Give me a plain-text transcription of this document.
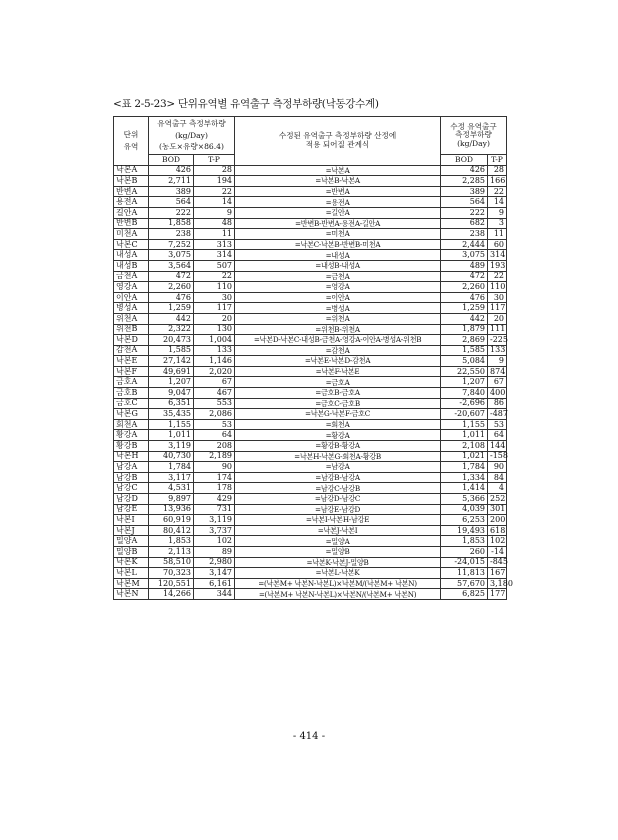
<표 2-5-23> 단위유역별 유역출구 측정부하량(낙동강수계)
단위
유역	유역출구 측정부하량(kg/Day)
(농도×유량×86.4)		수정된 유역출구 측정부하량 산정에
적용 되어질 관계식	수정 유역출구
측정부하량
(kg/Day)	
	BOD	T-P		BOD	T-P
낙본A	426	28	=낙본A	426	28
낙본B	2,711	194	=낙본B-낙본A	2,285	166
반변A	389	22	=반변A	389	22
용전A	564	14	=용전A	564	14
길안A	222	9	=길안A	222	9
반변B	1,858	48	=반변B-반변A-용전A-길안A	682	3
미천A	238	11	=미천A	238	11
낙본C	7,252	313	=낙본C-낙본B-반변B-미천A	2,444	60
내성A	3,075	314	=내성A	3,075	314
내성B	3,564	507	=내성B-내성A	489	193
금천A	472	22	=금천A	472	22
영강A	2,260	110	=영강A	2,260	110
이안A	476	30	=이안A	476	30
병성A	1,259	117	=병성A	1,259	117
위천A	442	20	=위천A	442	20
위천B	2,322	130	=위천B-위천A	1,879	111
낙본D	20,473	1,004	=낙본D-낙본C-내성B-금천A-영강A-이안A-병성A-위천B	2,869	-225
감천A	1,585	133	=감천A	1,585	133
낙본E	27,142	1,146	=낙본E-낙본D-감천A	5,084	9
낙본F	49,691	2,020	=낙본F-낙본E	22,550	874
금호A	1,207	67	=금호A	1,207	67
금호B	9,047	467	=금호B-금호A	7,840	400
금호C	6,351	553	=금호C-금호B	-2,696	86
낙본G	35,435	2,086	=낙본G-낙본F-금호C	-20,607	-487
회천A	1,155	53	=회천A	1,155	53
황강A	1,011	64	=황강A	1,011	64
황강B	3,119	208	=황강B-황강A	2,108	144
낙본H	40,730	2,189	=낙본H-낙본G-회천A-황강B	1,021	-158
남강A	1,784	90	=남강A	1,784	90
남강B	3,117	174	=남강B-남강A	1,334	84
남강C	4,531	178	=남강C-남강B	1,414	4
남강D	9,897	429	=남강D-남강C	5,366	252
남강E	13,936	731	=남강E-남강D	4,039	301
낙본I	60,919	3,119	=낙본I-낙본H-남강E	6,253	200
낙본J	80,412	3,737	=낙본J-낙본I	19,493	618
밀양A	1,853	102	=밀양A	1,853	102
밀양B	2,113	89	=밀양B	260	-14
낙본K	58,510	2,980	=낙본K-낙본J-밀양B	-24,015	-845
낙본L	70,323	3,147	=낙본L-낙본K	11,813	167
낙본M	120,551	6,161	=(낙본M+ 낙본N-낙본L)×낙본M/(낙본M+ 낙본N)	57,670	3,180
낙본N	14,266	344	=(낙본M+ 낙본N-낙본L)×낙본N/(낙본M+ 낙본N)	6,825	177
- 414 -
